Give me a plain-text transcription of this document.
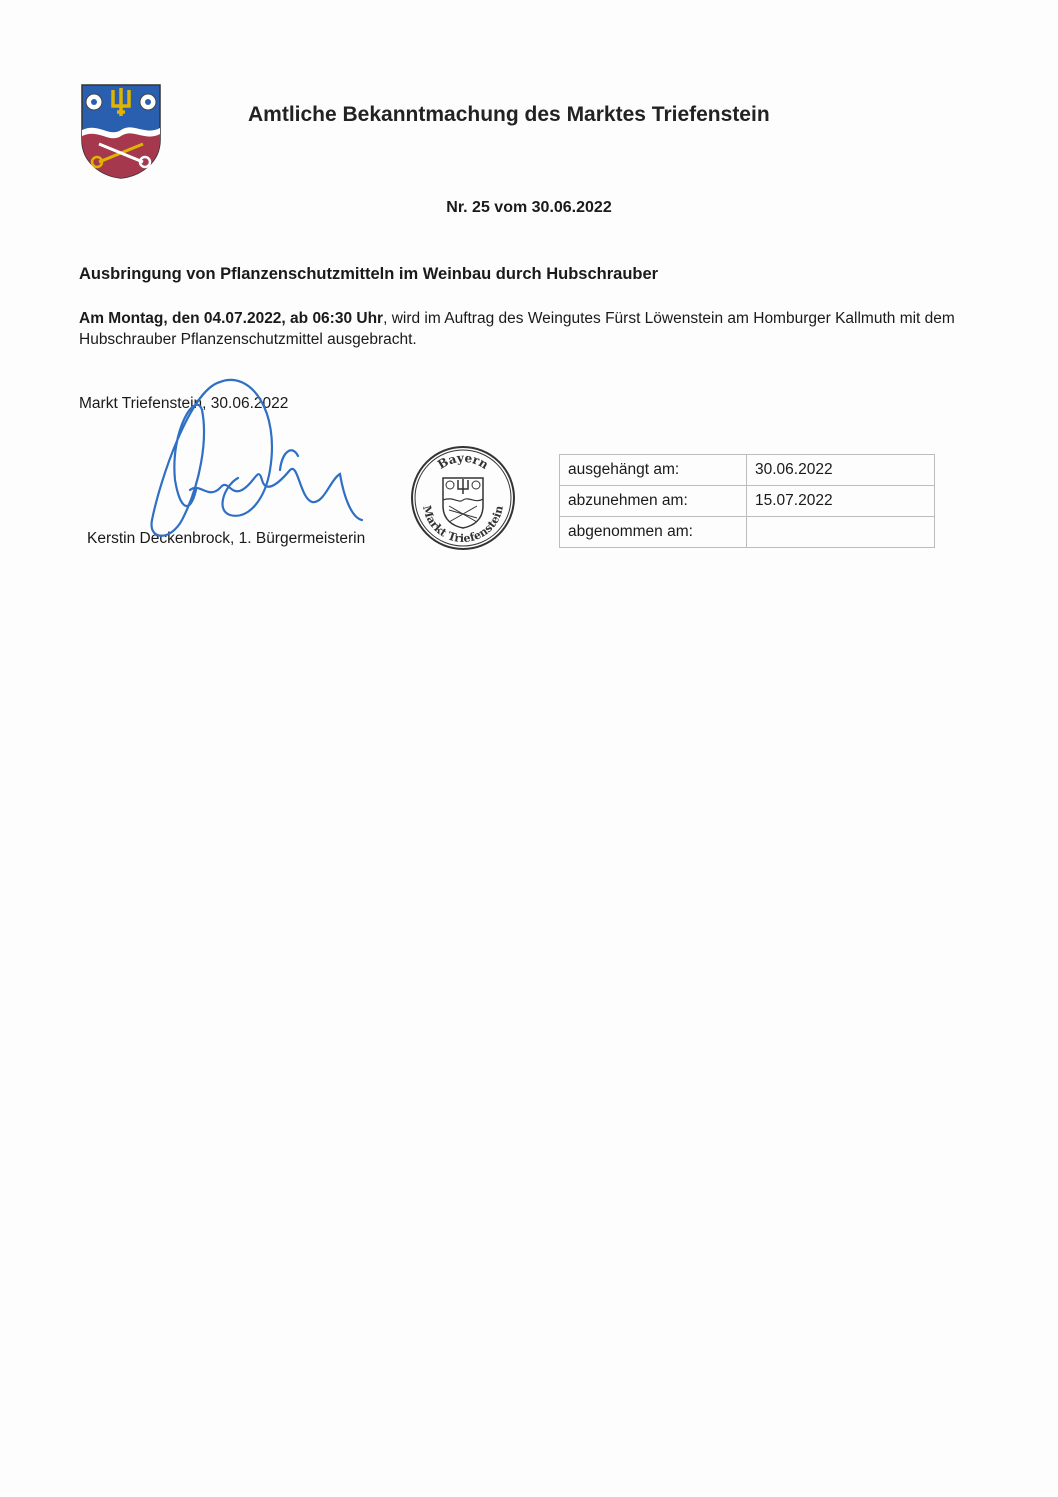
Amtliche Bekanntmachung des Marktes Triefenstein
Nr. 25 vom 30.06.2022
Ausbringung von Pflanzenschutzmitteln im Weinbau durch Hubschrauber
Am Montag, den 04.07.2022, ab 06:30 Uhr, wird im Auftrag des Weingutes Fürst Löwenstein am Homburger Kallmuth mit dem Hubschrauber Pflanzenschutzmittel ausgebracht.
Markt Triefenstein, 30.06.2022
Kerstin Deckenbrock, 1. Bürgermeisterin
Bayern
Markt Triefenstein
ausgehängt am:	30.06.2022
abzunehmen am:	15.07.2022
abgenommen am:	
